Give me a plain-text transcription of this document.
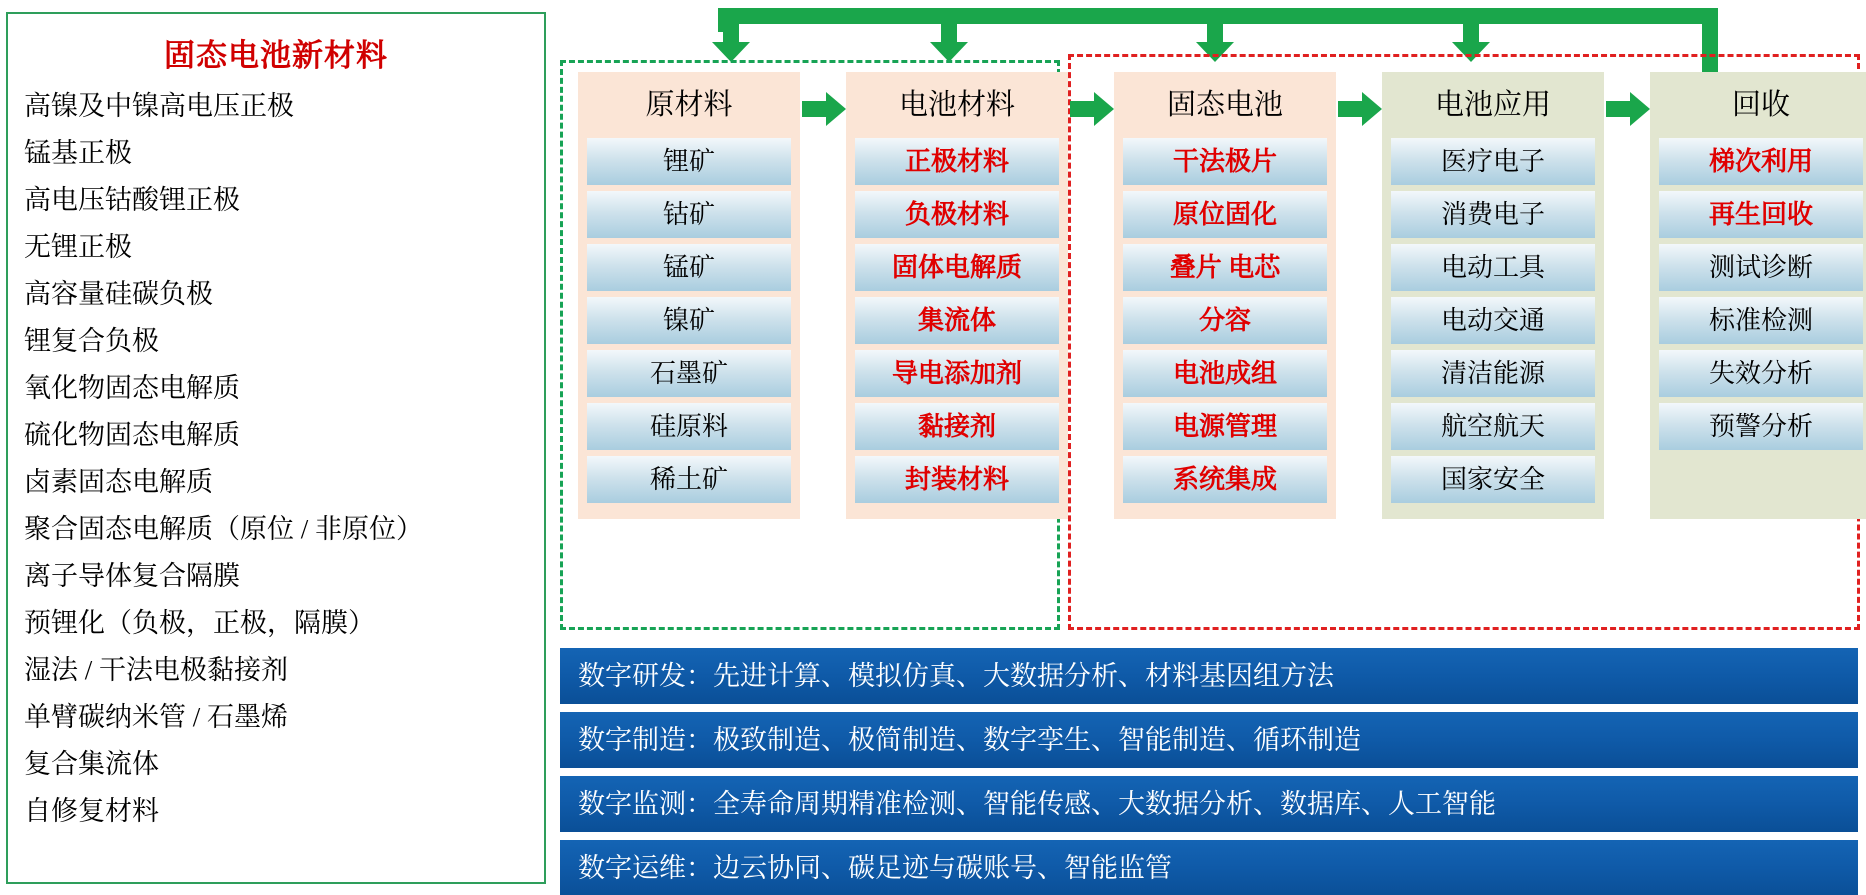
固态电池新材料
高镍及中镍高电压正极
锰基正极
高电压钴酸锂正极
无锂正极
高容量硅碳负极
锂复合负极
氧化物固态电解质
硫化物固态电解质
卤素固态电解质
聚合固态电解质（原位 / 非原位）
离子导体复合隔膜
预锂化（负极，正极，隔膜）
湿法 / 干法电极黏接剂
单臂碳纳米管 / 石墨烯
复合集流体
自修复材料
原材料
锂矿
钴矿
锰矿
镍矿
石墨矿
硅原料
稀土矿
电池材料
正极材料
负极材料
固体电解质
集流体
导电添加剂
黏接剂
封装材料
固态电池
干法极片
原位固化
叠片 电芯
分容
电池成组
电源管理
系统集成
电池应用
医疗电子
消费电子
电动工具
电动交通
清洁能源
航空航天
国家安全
回收
梯次利用
再生回收
测试诊断
标准检测
失效分析
预警分析
数字研发：先进计算、模拟仿真、大数据分析、材料基因组方法
数字制造：极致制造、极简制造、数字孪生、智能制造、循环制造
数字监测：全寿命周期精准检测、智能传感、大数据分析、数据库、人工智能
数字运维：边云协同、碳足迹与碳账号、智能监管
